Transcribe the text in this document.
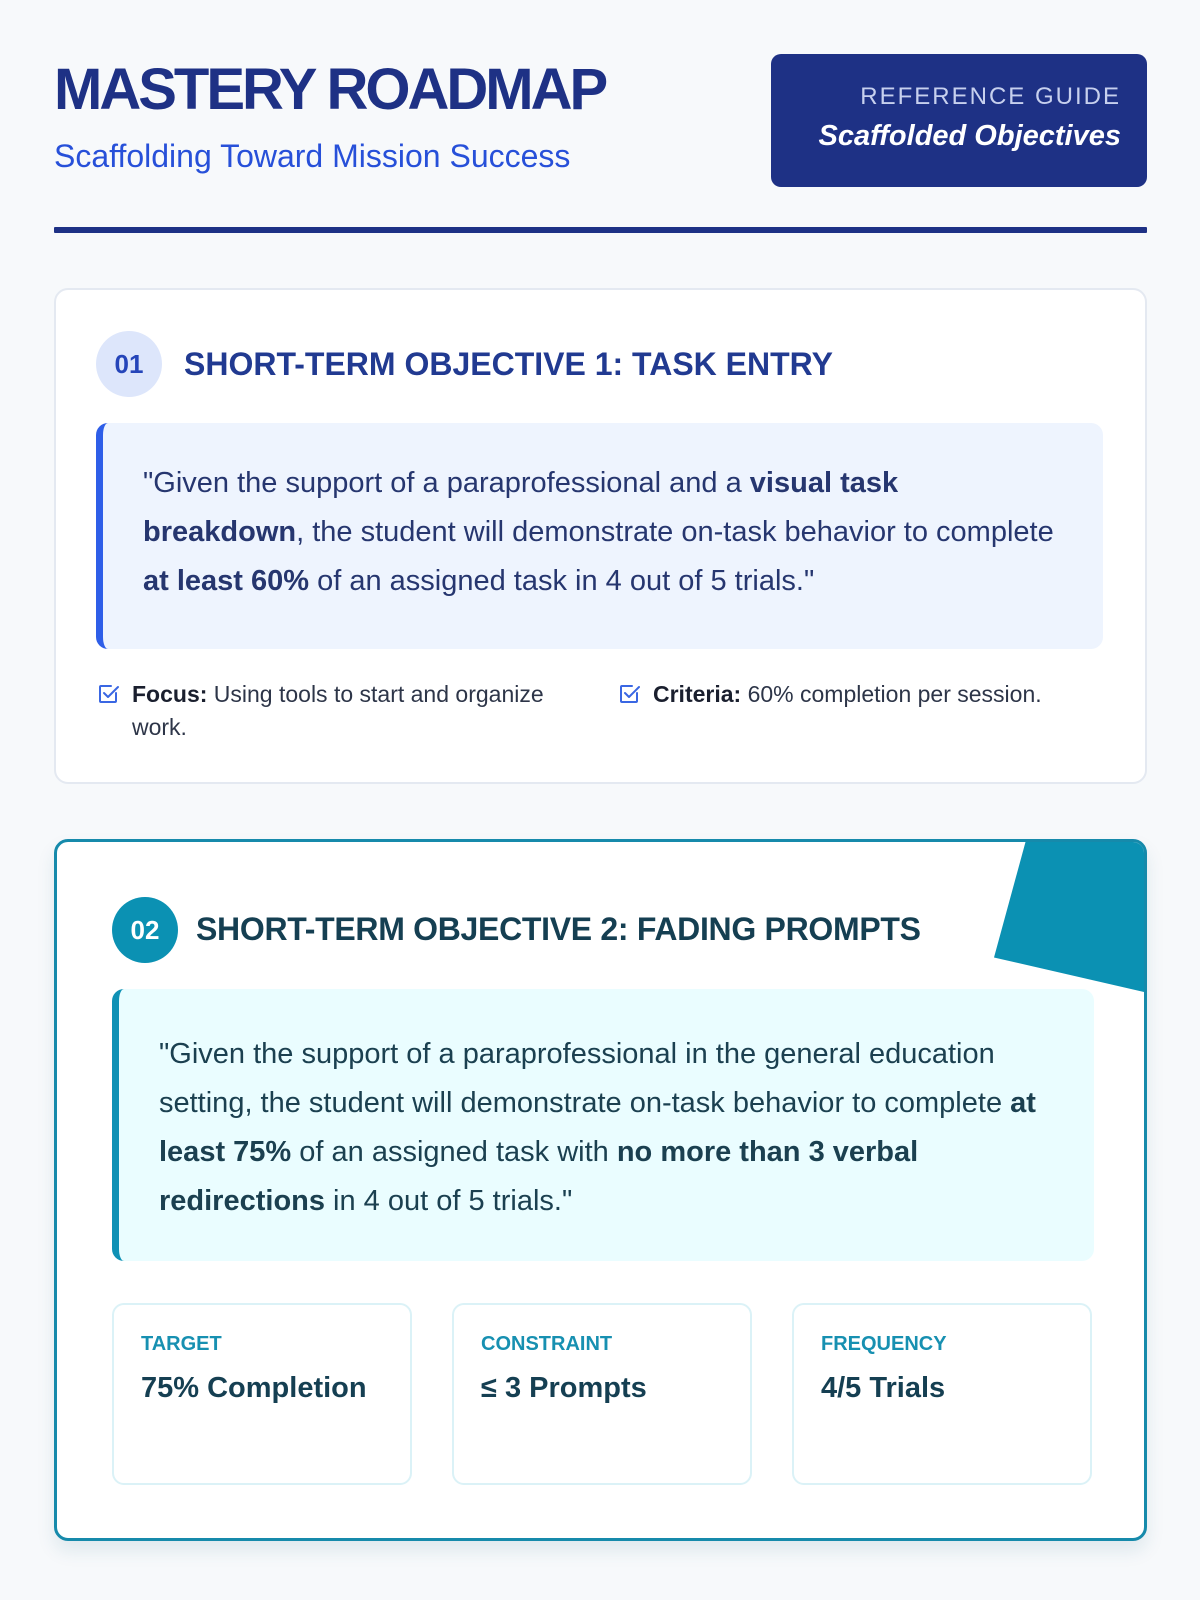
MASTERY ROADMAP
Scaffolding Toward Mission Success
REFERENCE GUIDE
Scaffolded Objectives
01	SHORT-TERM OBJECTIVE 1: TASK ENTRY
"Given the support of a paraprofessional and a visual task breakdown, the student will demonstrate on-task behavior to complete at least 60% of an assigned task in 4 out of 5 trials."
Focus: Using tools to start and organize work.
Criteria: 60% completion per session.
02	SHORT-TERM OBJECTIVE 2: FADING PROMPTS
"Given the support of a paraprofessional in the general education setting, the student will demonstrate on-task behavior to complete at least 75% of an assigned task with no more than 3 verbal redirections in 4 out of 5 trials."
TARGET
75% Completion
CONSTRAINT
≤ 3 Prompts
FREQUENCY
4/5 Trials
